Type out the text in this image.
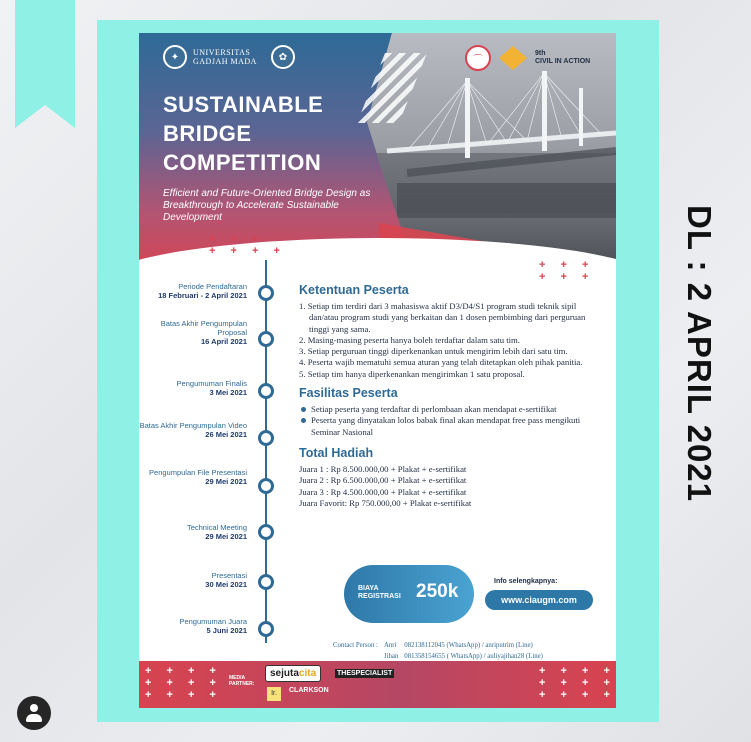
✦	UNIVERSITAS
GADJAH MADA	✿	⌒
9th
CIVIL IN ACTION
SUSTAINABLE
BRIDGE
COMPETITION
Efficient and Future-Oriented Bridge Design as Breakthrough to Accelerate Sustainable Development
+ + +
+ + + +
+ + +
+ + +
Periode Pendaftaran
18 Februari - 2 April 2021
Batas Akhir Pengumpulan Proposal
16 April 2021
Pengumuman Finalis
3 Mei 2021
Batas Akhir Pengumpulan Video
26 Mei 2021
Pengumpulan File Presentasi
29 Mei 2021
Technical Meeting
29 Mei 2021
Presentasi
30 Mei 2021
Pengumuman Juara
5 Juni 2021
Ketentuan Peserta
1. Setiap tim terdiri dari 3 mahasiswa aktif D3/D4/S1 program studi teknik sipil dan/atau program studi yang berkaitan dan 1 dosen pembimbing dari perguruan tinggi yang sama.
2. Masing-masing peserta hanya boleh terdaftar dalam satu tim.
3. Setiap perguruan tinggi diperkenankan untuk mengirim lebih dari satu tim.
4. Peserta wajib mematuhi semua aturan yang telah ditetapkan oleh pihak panitia.
5. Setiap tim hanya diperkenankan mengirimkan 1 satu proposal.
Fasilitas Peserta
Setiap peserta yang terdaftar di perlombaan akan mendapat e-sertifikat
Peserta yang dinyatakan lolos babak final akan mendapat free pass mengikuti Seminar Nasional
Total Hadiah
Juara 1 : Rp 8.500.000,00 + Plakat + e-sertifikat
Juara 2 : Rp 6.500.000,00 + Plakat + e-sertifikat
Juara 3 : Rp 4.500.000,00 + Plakat + e-sertifikat
Juara Favorit: Rp 750.000,00 + Plakat e-sertifikat
BIAYA
REGISTRASI 250k	Info selengkapnya:
www.ciaugm.com
Contact Person :	Anri	082138112045 (WhatsApp) / anriputrim (Line)
	Jihan	081358154655 ( WhatsApp) / auliyajihan28 (Line)
+ + + +
+ + + +
+ + + +
+ + + +
+ + + +
+ + + +
MEDIA
PARTNER:
sejutacita	THESPECIALIST
Ir.	CLARKSON
DL : 2 APRIL 2021
